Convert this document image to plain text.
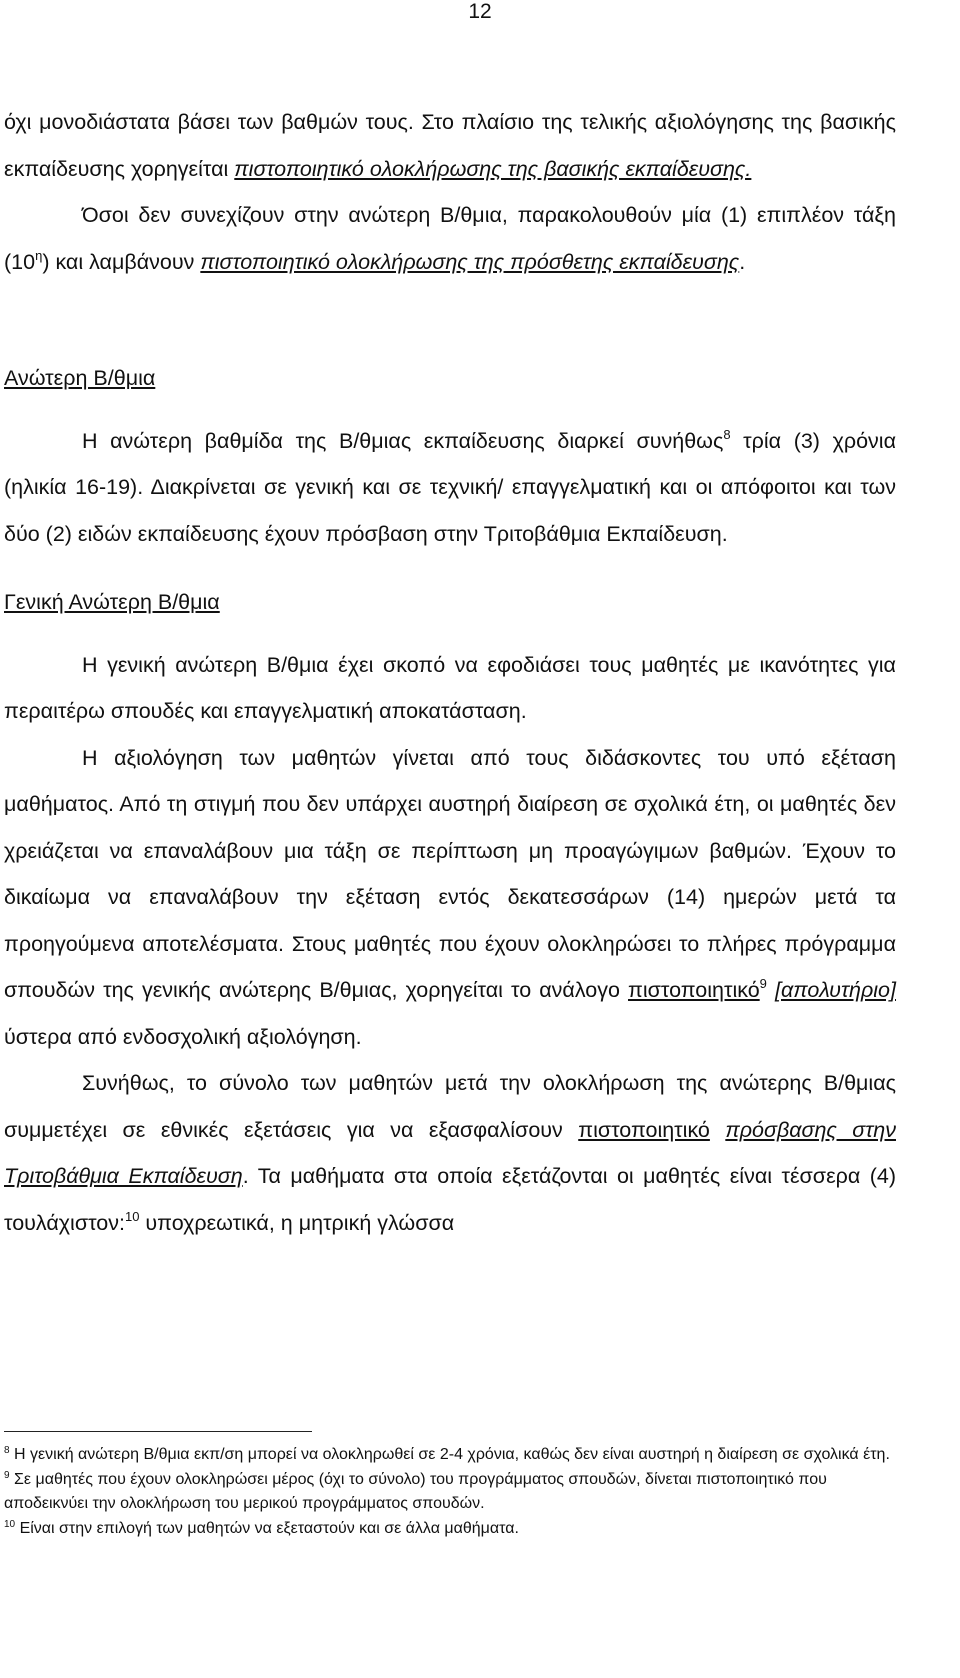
12

όχι μονοδιάστατα βάσει των βαθμών τους. Στο πλαίσιο της τελικής αξιολόγησης της βασικής εκπαίδευσης χορηγείται πιστοποιητικό ολοκλήρωσης της βασικής εκπαίδευσης.

Όσοι δεν συνεχίζουν στην ανώτερη Β/θμια, παρακολουθούν μία (1) επιπλέον τάξη $(10^\eta)$ και λαμβάνουν πιστοποιητικό ολοκλήρωσης της πρόσθετης εκπαίδευσης.

Ανώτερη Β/θμια

Η ανώτερη βαθμίδα της Β/θμιας εκπαίδευσης διαρκεί συνήθως$^8$ τρία (3) χρόνια (ηλικία 16-19). Διακρίνεται σε γενική και σε τεχνική/ επαγγελματική και οι απόφοιτοι και των δύο (2) ειδών εκπαίδευσης έχουν πρόσβαση στην Τριτοβάθμια Εκπαίδευση.

Γενική Ανώτερη Β/θμια

Η γενική ανώτερη Β/θμια έχει σκοπό να εφοδιάσει τους μαθητές με ικανότητες για περαιτέρω σπουδές και επαγγελματική αποκατάσταση.

Η αξιολόγηση των μαθητών γίνεται από τους διδάσκοντες του υπό εξέταση μαθήματος. Από τη στιγμή που δεν υπάρχει αυστηρή διαίρεση σε σχολικά έτη, οι μαθητές δεν χρειάζεται να επαναλάβουν μια τάξη σε περίπτωση μη προαγώγιμων βαθμών. Έχουν το δικαίωμα να επαναλάβουν την εξέταση εντός δεκατεσσάρων (14) ημερών μετά τα προηγούμενα αποτελέσματα. Στους μαθητές που έχουν ολοκληρώσει το πλήρες πρόγραμμα σπουδών της γενικής ανώτερης Β/θμιας, χορηγείται το ανάλογο πιστοποιητικό$^9$ [απολυτήριο] ύστερα από ενδοσχολική αξιολόγηση.

Συνήθως, το σύνολο των μαθητών μετά την ολοκλήρωση της ανώτερης Β/θμιας συμμετέχει σε εθνικές εξετάσεις για να εξασφαλίσουν πιστοποιητικό πρόσβασης στην Τριτοβάθμια Εκπαίδευση. Τα μαθήματα στα οποία εξετάζονται οι μαθητές είναι τέσσερα (4) τουλάχιστον:$^{10}$ υποχρεωτικά, η μητρική γλώσσα

$^8$ Η γενική ανώτερη Β/θμια εκπ/ση μπορεί να ολοκληρωθεί σε 2-4 χρόνια, καθώς δεν είναι αυστηρή η διαίρεση σε σχολικά έτη.

$^9$ Σε μαθητές που έχουν ολοκληρώσει μέρος (όχι το σύνολο) του προγράμματος σπουδών, δίνεται πιστοποιητικό που αποδεικνύει την ολοκλήρωση του μερικού προγράμματος σπουδών.

$^{10}$ Είναι στην επιλογή των μαθητών να εξεταστούν και σε άλλα μαθήματα.
